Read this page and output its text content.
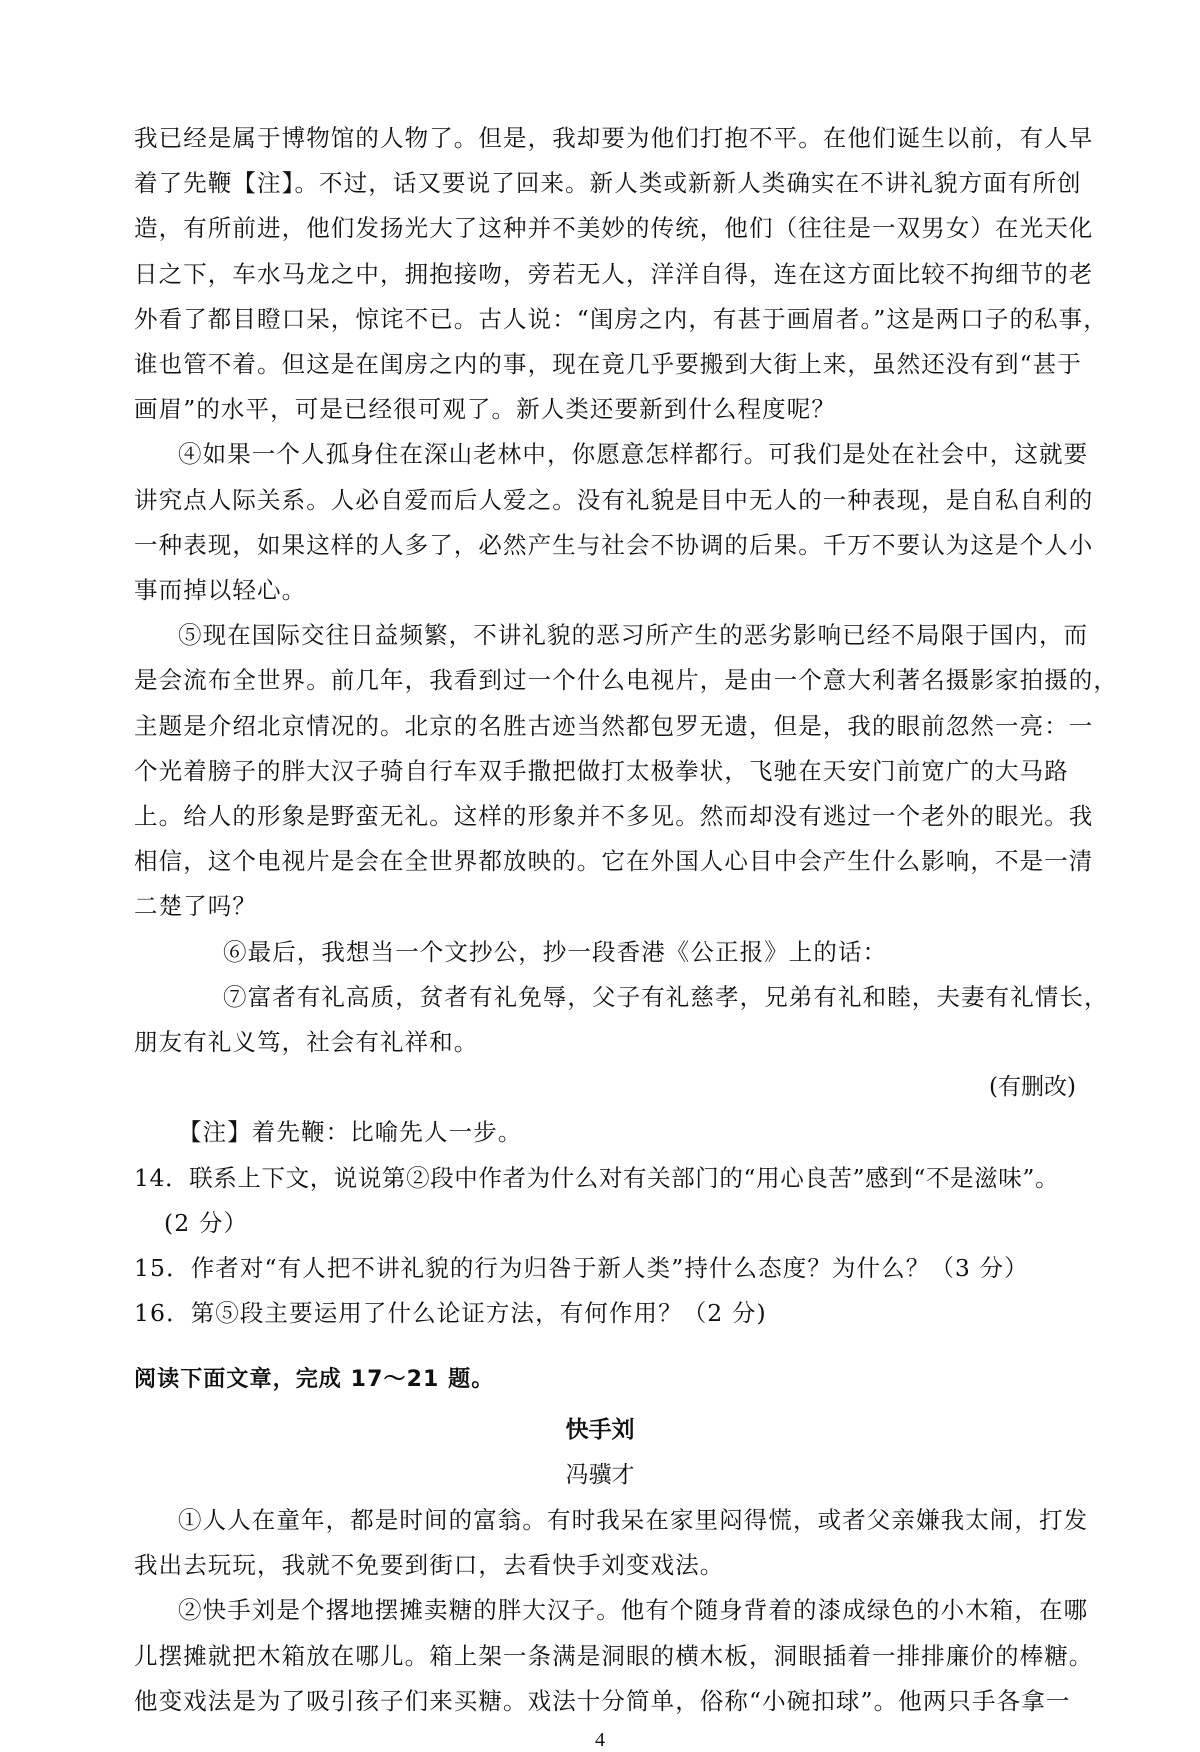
我已经是属于博物馆的人物了。但是，我却要为他们打抱不平。在他们诞生以前，有人早
着了先鞭【注】。不过，话又要说了回来。新人类或新新人类确实在不讲礼貌方面有所创
造，有所前进，他们发扬光大了这种并不美妙的传统，他们（往往是一双男女）在光天化
日之下，车水马龙之中，拥抱接吻，旁若无人，洋洋自得，连在这方面比较不拘细节的老
外看了都目瞪口呆，惊诧不已。古人说：“闺房之内，有甚于画眉者。”这是两口子的私事，
谁也管不着。但这是在闺房之内的事，现在竟几乎要搬到大街上来，虽然还没有到“甚于
画眉”的水平，可是已经很可观了。新人类还要新到什么程度呢？
④如果一个人孤身住在深山老林中，你愿意怎样都行。可我们是处在社会中，这就要
讲究点人际关系。人必自爱而后人爱之。没有礼貌是目中无人的一种表现，是自私自利的
一种表现，如果这样的人多了，必然产生与社会不协调的后果。千万不要认为这是个人小
事而掉以轻心。
⑤现在国际交往日益频繁，不讲礼貌的恶习所产生的恶劣影响已经不局限于国内，而
是会流布全世界。前几年，我看到过一个什么电视片，是由一个意大利著名摄影家拍摄的，
主题是介绍北京情况的。北京的名胜古迹当然都包罗无遗，但是，我的眼前忽然一亮：一
个光着膀子的胖大汉子骑自行车双手撒把做打太极拳状，飞驰在天安门前宽广的大马路
上。给人的形象是野蛮无礼。这样的形象并不多见。然而却没有逃过一个老外的眼光。我
相信，这个电视片是会在全世界都放映的。它在外国人心目中会产生什么影响，不是一清
二楚了吗？
⑥最后，我想当一个文抄公，抄一段香港《公正报》上的话：
⑦富者有礼高质，贫者有礼免辱，父子有礼慈孝，兄弟有礼和睦，夫妻有礼情长，
朋友有礼义笃，社会有礼祥和。
(有删改)
【注】着先鞭：比喻先人一步。
14．联系上下文，说说第②段中作者为什么对有关部门的“用心良苦”感到“不是滋味”。
(2 分）
15．作者对“有人把不讲礼貌的行为归咎于新人类”持什么态度？为什么？（3 分）
16．第⑤段主要运用了什么论证方法，有何作用？（2 分)
阅读下面文章，完成 17～21 题。
快手刘
冯骥才
①人人在童年，都是时间的富翁。有时我呆在家里闷得慌，或者父亲嫌我太闹，打发
4
我出去玩玩，我就不免要到街口，去看快手刘变戏法。
②快手刘是个撂地摆摊卖糖的胖大汉子。他有个随身背着的漆成绿色的小木箱，在哪
儿摆摊就把木箱放在哪儿。箱上架一条满是洞眼的横木板，洞眼插着一排排廉价的棒糖。
他变戏法是为了吸引孩子们来买糖。戏法十分简单，俗称“小碗扣球”。他两只手各拿一
